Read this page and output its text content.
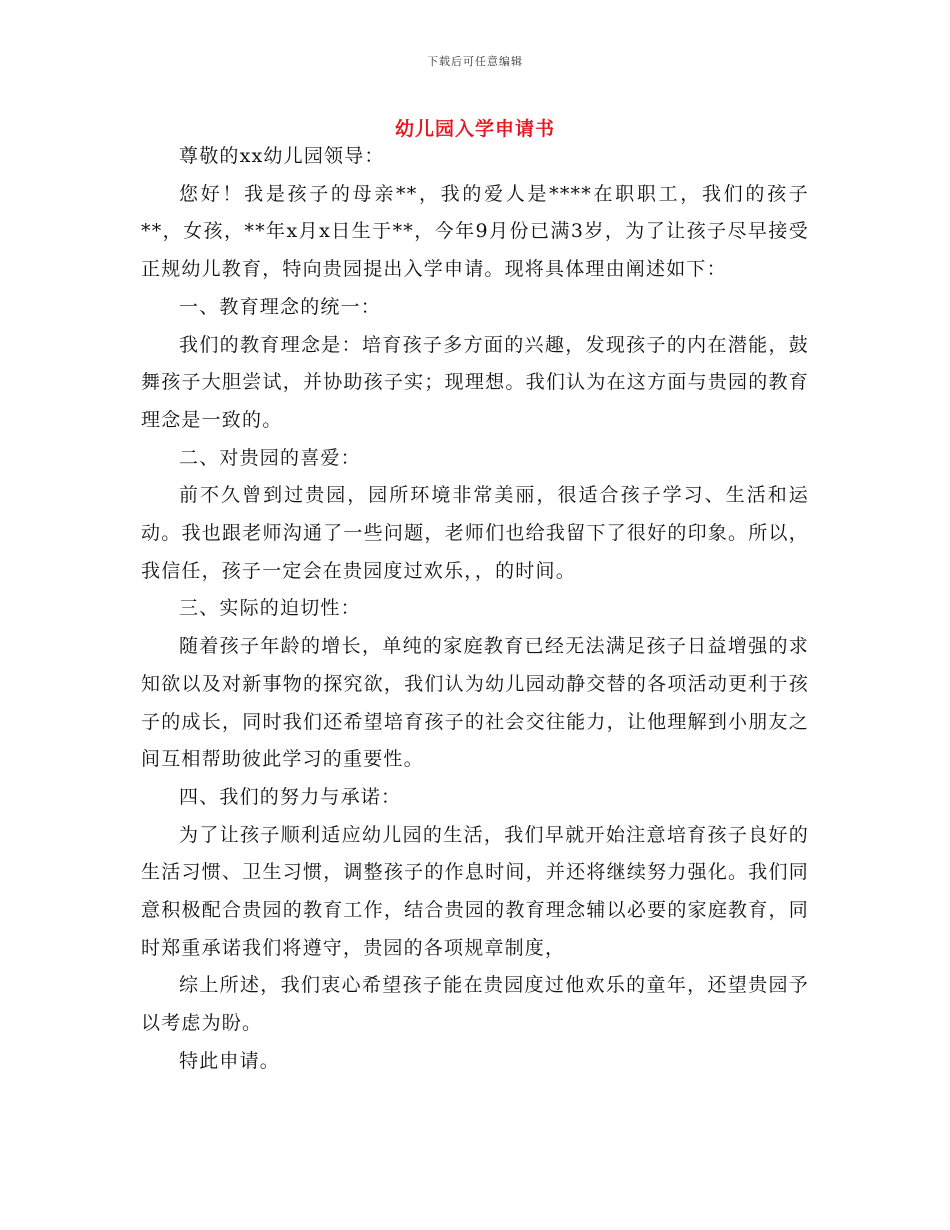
下载后可任意编辑
幼儿园入学申请书

尊敬的xx幼儿园领导：

您好！我是孩子的母亲**，我的爱人是****在职职工，我们的孩子**，女孩，**年x月x日生于**，今年9月份已满3岁，为了让孩子尽早接受正规幼儿教育，特向贵园提出入学申请。现将具体理由阐述如下：

一、教育理念的统一：

我们的教育理念是：培育孩子多方面的兴趣，发现孩子的内在潜能，鼓舞孩子大胆尝试，并协助孩子实；现理想。我们认为在这方面与贵园的教育理念是一致的。

二、对贵园的喜爱：

前不久曾到过贵园，园所环境非常美丽，很适合孩子学习、生活和运动。我也跟老师沟通了一些问题，老师们也给我留下了很好的印象。所以，我信任，孩子一定会在贵园度过欢乐，，的时间。

三、实际的迫切性：

随着孩子年龄的增长，单纯的家庭教育已经无法满足孩子日益增强的求知欲以及对新事物的探究欲，我们认为幼儿园动静交替的各项活动更利于孩子的成长，同时我们还希望培育孩子的社会交往能力，让他理解到小朋友之间互相帮助彼此学习的重要性。

四、我们的努力与承诺：

为了让孩子顺利适应幼儿园的生活，我们早就开始注意培育孩子良好的生活习惯、卫生习惯，调整孩子的作息时间，并还将继续努力强化。我们同意积极配合贵园的教育工作，结合贵园的教育理念辅以必要的家庭教育，同时郑重承诺我们将遵守，贵园的各项规章制度，

综上所述，我们衷心希望孩子能在贵园度过他欢乐的童年，还望贵园予以考虑为盼。

特此申请。
